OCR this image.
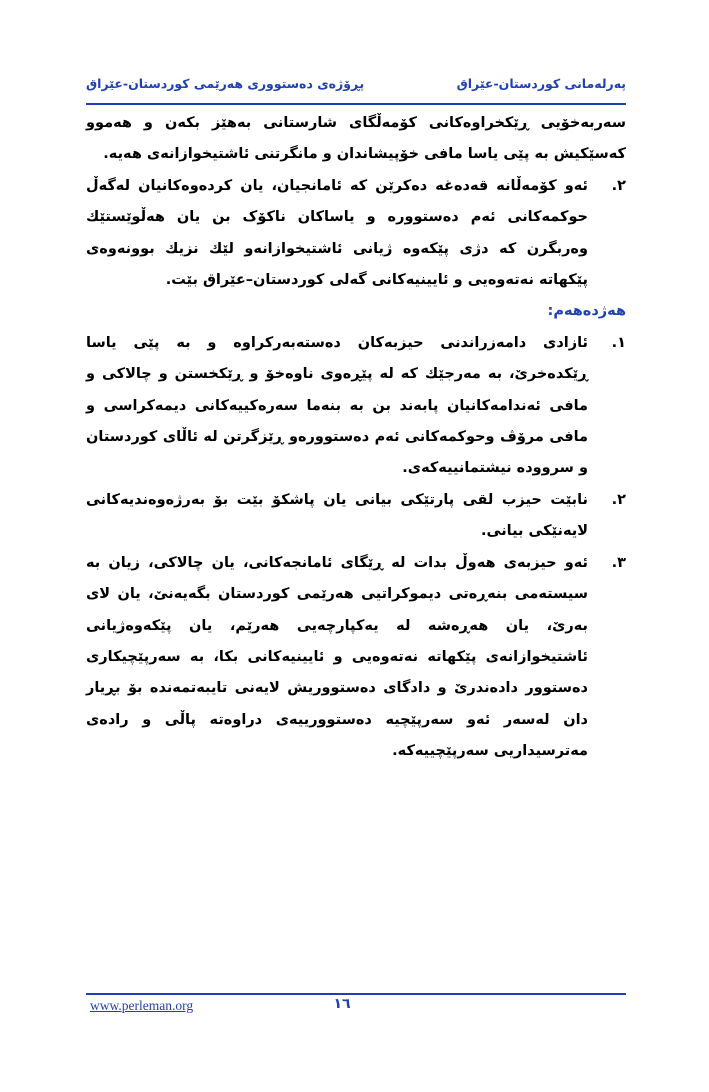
پەرلەمانی کوردستان-عێراق
پڕۆژەی دەستووری هەرێمی کوردستان-عێراق

سەربەخۆیی ڕێکخراوەکانی کۆمەڵگای شارستانی بەهێز بکەن و هەموو کەسێکیش بە پێی یاسا مافی خۆپیشاندان و مانگرتنی ئاشتیخوازانەی هەیە.

٢.
ئەو کۆمەڵانە قەدەغە دەکرێن کە ئامانجیان، یان کردەوەکانیان لەگەڵ حوکمەکانی ئەم دەستوورە و یاساکان ناکۆک بن یان هەڵوێستێك وەربگرن کە دژی پێکەوە ژیانی ئاشتیخوازانەو لێك نزیك بوونەوەی پێکهاتە نەتەوەیی و ئایینیەکانی گەلی کوردستان–عێراق بێت.

هەژدەهەم:

١.
ئازادی دامەزراندنی حیزبەکان دەستەبەرکراوە و بە پێی یاسا ڕێکدەخرێ، بە مەرجێك کە لە پێڕەوی ناوەخۆ و ڕێکخستن و چالاکی و مافی ئەندامەکانیان پابەند بن بە بنەما سەرەکییەکانی دیمەکراسی و مافی مرۆڤ وحوکمەکانی ئەم دەستوورەو ڕێزگرتن لە ئاڵای کوردستان و سروودە نیشتمانییەکەی.
٢.
نابێت حیزب لقی پارتێکی بیانی یان پاشکۆ بێت بۆ بەرژەوەندیەکانی لایەنێکی بیانی.
٣.
ئەو حیزبەی هەوڵ بدات لە ڕێگای ئامانجەکانی، یان چالاکی، زیان بە سیستەمی بنەڕەتی دیموکراتیی هەرێمی کوردستان بگەیەنێ، یان لای بەرێ، یان هەڕەشە لە یەکپارچەیی هەرێم، یان پێکەوەژیانی ئاشتیخوازانەی پێکهاتە نەتەوەیی و ئایینیەکانی بکا، بە سەرپێچیکاری دەستوور دادەندرێ و دادگای دەستووریش لایەنی تایبەتمەندە بۆ بڕیار دان لەسەر ئەو سەرپێچیە دەستوورییەی دراوەتە پاڵی و رادەی مەترسیداریی سەرپێچییەکە.
www.perleman.org	١٦
